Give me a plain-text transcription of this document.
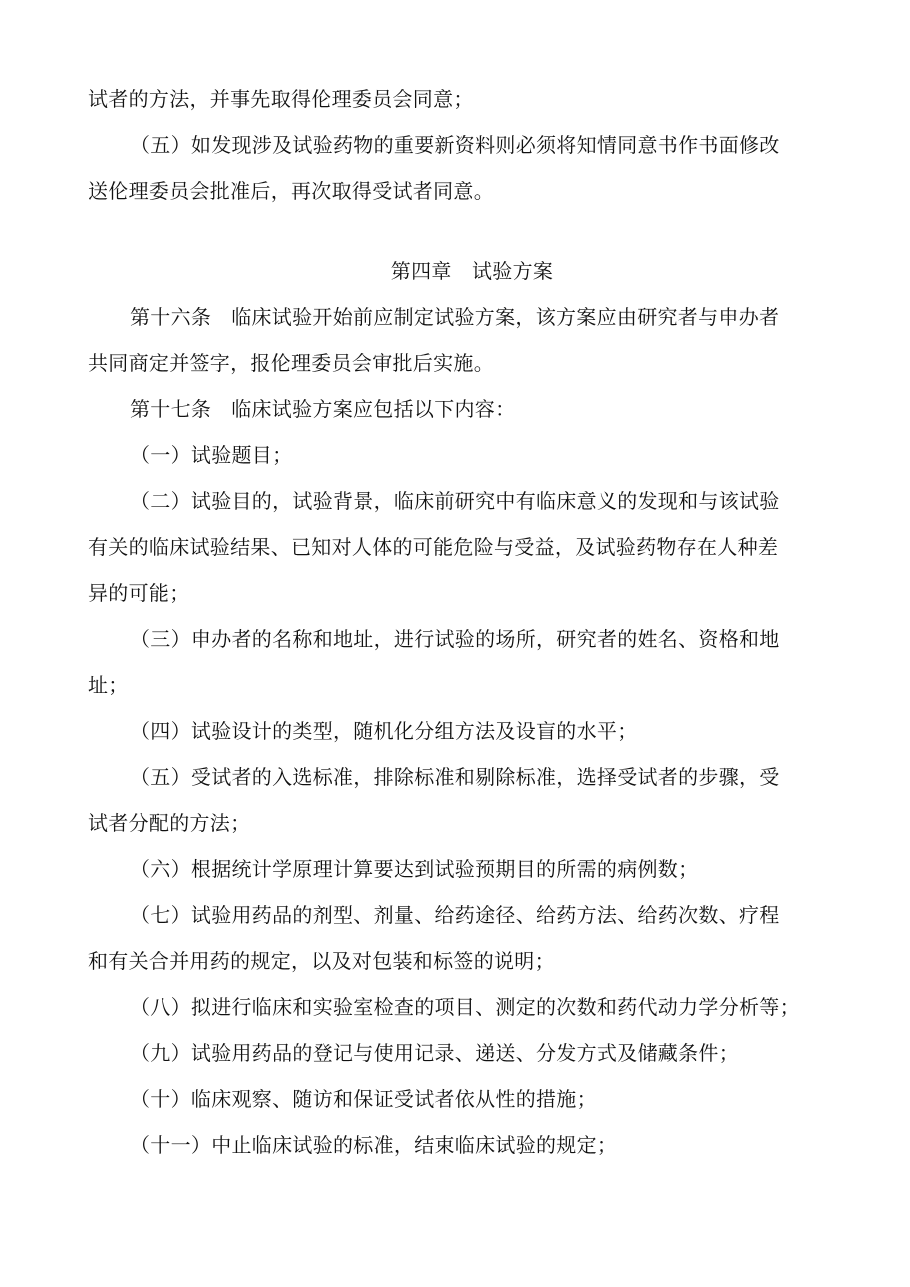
试者的方法，并事先取得伦理委员会同意；
（五）如发现涉及试验药物的重要新资料则必须将知情同意书作书面修改
送伦理委员会批准后，再次取得受试者同意。
第四章　试验方案
第十六条 临床试验开始前应制定试验方案，该方案应由研究者与申办者
共同商定并签字，报伦理委员会审批后实施。
第十七条 临床试验方案应包括以下内容：
（一）试验题目；
（二）试验目的，试验背景，临床前研究中有临床意义的发现和与该试验
有关的临床试验结果、已知对人体的可能危险与受益，及试验药物存在人种差
异的可能；
（三）申办者的名称和地址，进行试验的场所，研究者的姓名、资格和地
址；
（四）试验设计的类型，随机化分组方法及设盲的水平；
（五）受试者的入选标准，排除标准和剔除标准，选择受试者的步骤，受
试者分配的方法；
（六）根据统计学原理计算要达到试验预期目的所需的病例数；
（七）试验用药品的剂型、剂量、给药途径、给药方法、给药次数、疗程
和有关合并用药的规定，以及对包装和标签的说明；
（八）拟进行临床和实验室检查的项目、测定的次数和药代动力学分析等；
（九）试验用药品的登记与使用记录、递送、分发方式及储藏条件；
（十）临床观察、随访和保证受试者依从性的措施；
（十一）中止临床试验的标准，结束临床试验的规定；
